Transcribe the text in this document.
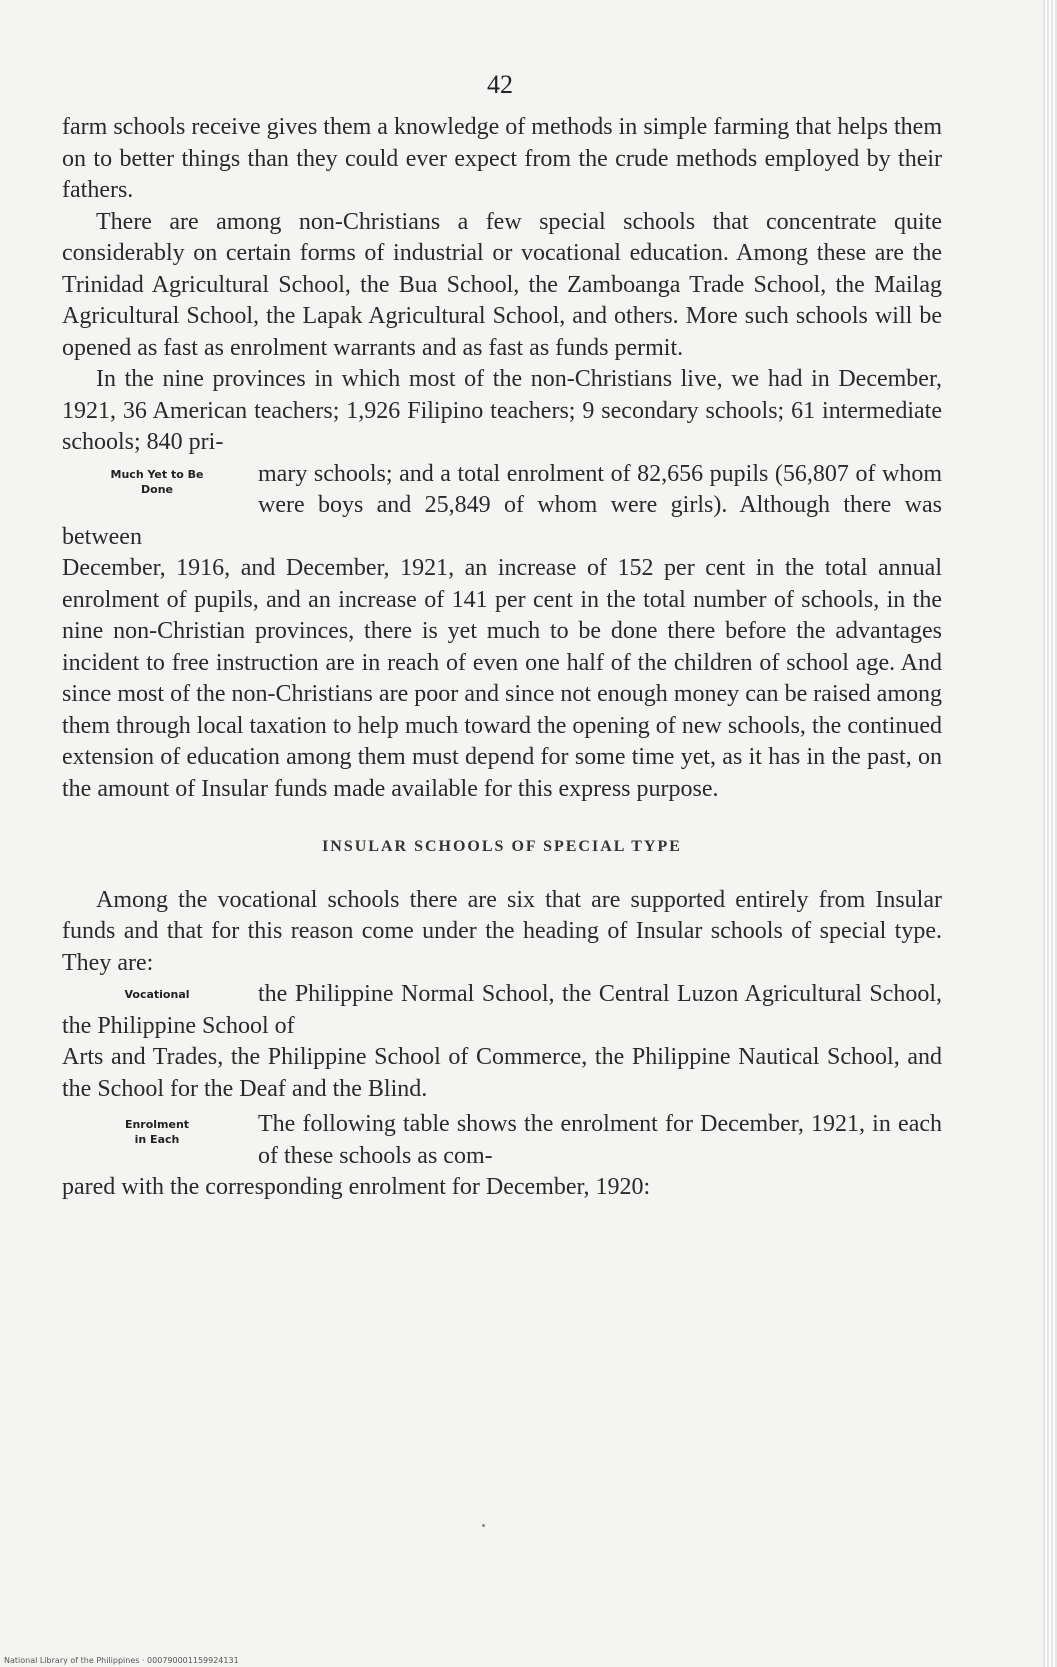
42

farm schools receive gives them a knowledge of methods in simple farming that helps them on to better things than they could ever expect from the crude methods employed by their fathers.

There are among non-Christians a few special schools that concentrate quite considerably on certain forms of industrial or vocational education. Among these are the Trinidad Agricultural School, the Bua School, the Zamboanga Trade School, the Mailag Agricultural School, the Lapak Agricultural School, and others. More such schools will be opened as fast as enrolment warrants and as fast as funds permit.

In the nine provinces in which most of the non-Christians live, we had in December, 1921, 36 American teachers; 1,926 Filipino teachers; 9 secondary schools; 61 intermediate schools; 840 pri-

Much Yet to Be
Done

mary schools; and a total enrolment of 82,656 pupils (56,807 of whom were boys and 25,849 of whom were girls). Although there was between

December, 1916, and December, 1921, an increase of 152 per cent in the total annual enrolment of pupils, and an increase of 141 per cent in the total number of schools, in the nine non-Christian provinces, there is yet much to be done there before the advantages incident to free instruction are in reach of even one half of the children of school age. And since most of the non-Christians are poor and since not enough money can be raised among them through local taxation to help much toward the opening of new schools, the continued extension of education among them must depend for some time yet, as it has in the past, on the amount of Insular funds made available for this express purpose.

INSULAR SCHOOLS OF SPECIAL TYPE

Among the vocational schools there are six that are supported entirely from Insular funds and that for this reason come under the heading of Insular schools of special type. They are:

Vocational	the Philippine Normal School, the Central Luzon Agricultural School, the Philippine School of

Arts and Trades, the Philippine School of Commerce, the Philippine Nautical School, and the School for the Deaf and the Blind.

Enrolment
in Each

The following table shows the enrolment for December, 1921, in each of these schools as com-

pared with the corresponding enrolment for December, 1920:

National Library of the Philippines · 000790001159924131
